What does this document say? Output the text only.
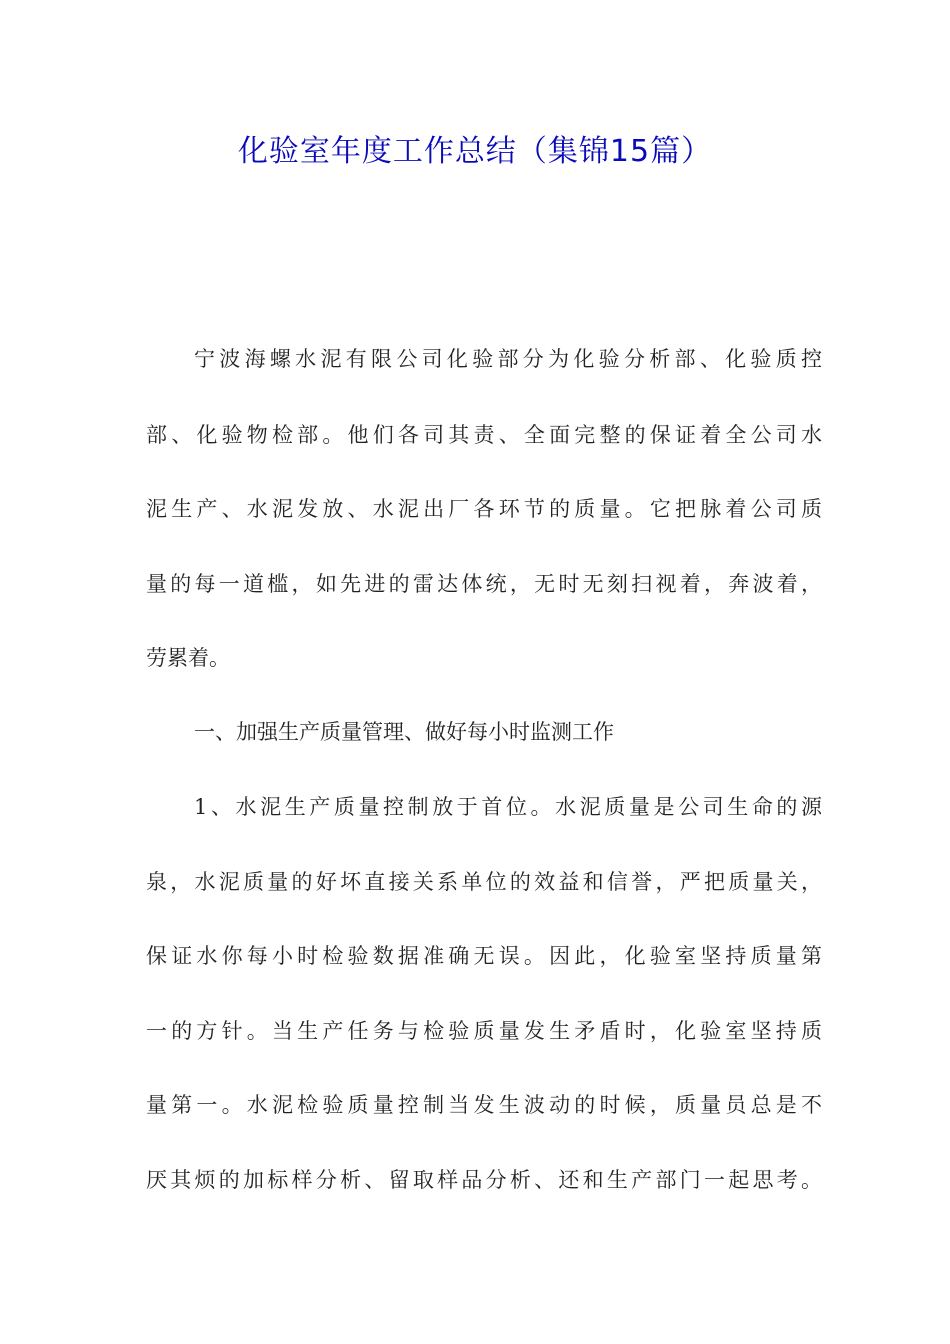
化验室年度工作总结（集锦15篇）
宁波海螺水泥有限公司化验部分为化验分析部、化验质控
部、化验物检部。他们各司其责、全面完整的保证着全公司水
泥生产、水泥发放、水泥出厂各环节的质量。它把脉着公司质
量的每一道槛，如先进的雷达体统，无时无刻扫视着，奔波着，
劳累着。
一、加强生产质量管理、做好每小时监测工作
1、水泥生产质量控制放于首位。水泥质量是公司生命的源
泉，水泥质量的好坏直接关系单位的效益和信誉，严把质量关，
保证水你每小时检验数据准确无误。因此，化验室坚持质量第
一的方针。当生产任务与检验质量发生矛盾时，化验室坚持质
量第一。水泥检验质量控制当发生波动的时候，质量员总是不
厌其烦的加标样分析、留取样品分析、还和生产部门一起思考。
